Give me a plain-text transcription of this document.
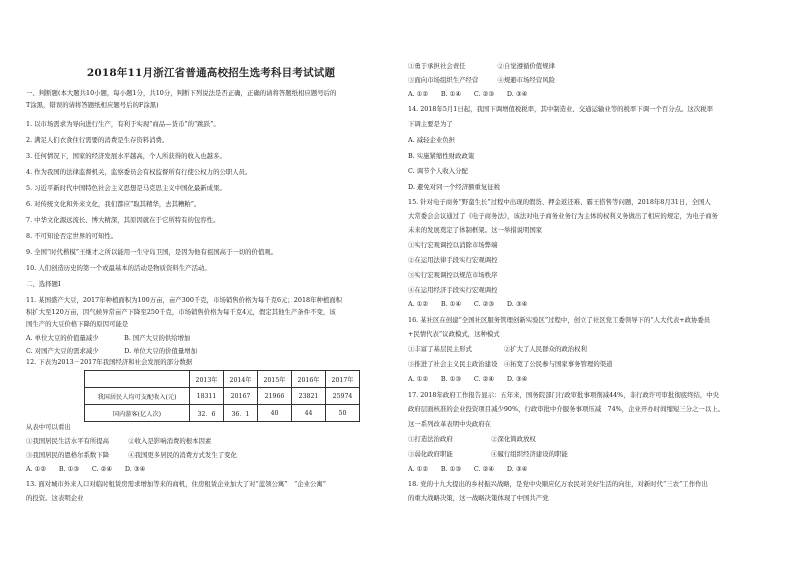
2018年11月浙江省普通高校招生选考科目考试试题
一、判断题(本大题共10小题，每小题1分，共10分，判断下列说法是否正确，正确的请将答题纸相应题号后的
T涂黑，错误的请将答题纸相应题号后的F涂黑)
1. 以市场需求为导向进行生产，有利于实现“商品—货币”的“跳跃”。
2. 满足人们衣食住行需要的消费是生存资料消费。
3. 任何情况下，国家的经济发展水平越高，个人所获得的收入也越多。
4. 作为我国的法律监督机关，监察委员会有权监督所有行使公权力的公职人员。
5. 习近平新时代中国特色社会主义思想是马克思主义中国化最新成果。
6. 对传统文化和外来文化，我们都应“取其精华，去其糟粕”。
7. 中华文化源远流长、博大精深，其原因就在于它所特有的包容性。
8. 不可知论否定世界的可知性。
9. 全国“时代楷模”王继才之所以能用一生守岛卫国，是因为他有祖国高于一切的价值观。
10. 人们创造历史的第一个或最基本的活动是物质资料生产活动。
二、选择题Ⅰ
11. 某国盛产大豆，2017年种植面积为100万亩，亩产300千克，市场销售价格为每千克6元；2018年种植面积
积扩大至120万亩，因气候异常亩产下降至250千克，市场销售价格为每千克4元，假定其他生产条件不变，该
国生产的大豆价格下降的原因可能是
A. 单位大豆的价值量减少　　　　B. 国产大豆的供给增加
C. 对国产大豆的需求减少　　　　D. 单位大豆的价值量增加
12. 下表为2013－2017年我国经济和社会发展的部分数据
	2013年	2014年	2015年	2016年	2017年
我国居民人均可支配收入(元)	18311	20167	21966	23821	25974
国内游客(亿人次)	32．6	36．1	40	44	50
从表中可以看出
①我国居民生活水平有所提高　　　②收入是影响消费的根本因素
③我国居民的恩格尔系数下降　　　④我国更多居民的消费方式发生了变化
A. ①②　　B. ①③　　C. ②④　　D. ③④
13. 面对城市外来人口对临时租赁房需求增加等来的商机，住房租赁企业加大了对“蓝领公寓”　“企业公寓”
的投资。这表明企业
①勇于承担社会责任　　　　　②自觉遵循价值规律
③面向市场组织生产经营　　　④规避市场经营风险
A. ①②　　B. ①④　　C. ②③　　D. ③④
14. 2018年5月1日起，我国下调增值税税率，其中制造业、交通运输业等的税率下调一个百分点。这次税率
下调主要是为了
A. 减轻企业负担
B. 实施紧缩性财政政策
C. 调节个人收入分配
D. 避免对同一个经济额重复征税
15. 针对电子商务“野蛮生长”过程中出现的假货、押金返还难、霸王搭售等问题，2018年8月31日，全国人
大常委会会议通过了《电子商务法》，该法对电子商务业务行为主体的权利义务做出了相应的规定，为电子商务
未来的发展奠定了体制框架。这一举措说明国家
①实行宏观调控以消除市场弊端
②在运用法律手段实行宏观调控
③实行宏观调控以规范市场秩序
④在运用经济手段实行宏观调控
A. ①②　　B. ①④　　C. ②③　　D. ③④
16. 某社区在创建“全国社区服务管理创新实验区”过程中，创立了社区党工委领导下的“人大代表+政协委员
+民情代表”议政模式，这种模式
①丰富了基层民主形式　　　　　②扩大了人民群众的政治权利
③推进了社会主义民主政治建设　④拓宽了公民参与国家事务管理的渠道
A. ①②　　B. ①③　　C. ②④　　D. ③④
17. 2018年政府工作报告显示：五年来，国务院部门行政审批事项削减44%，非行政许可审批彻底终结，中央
政府层面核准的企业投资项目减少90%，行政审批中介服务事项压减　74%，企业开办时间缩短三分之一以上。
这一系列改革表明中央政府在
①打造法治政府　　　　　　②深化简政放权
③弱化政府职能　　　　　　④履行组织经济建设的职能
A. ①②　　B. ①③　　C. ②④　　D. ③④
18. 党的十九大提出的乡村振兴战略，是党中央顺应亿万农民对美好生活的向往，对新时代“三农”工作作出
的重大战略决策，这一战略决策体现了中国共产党
